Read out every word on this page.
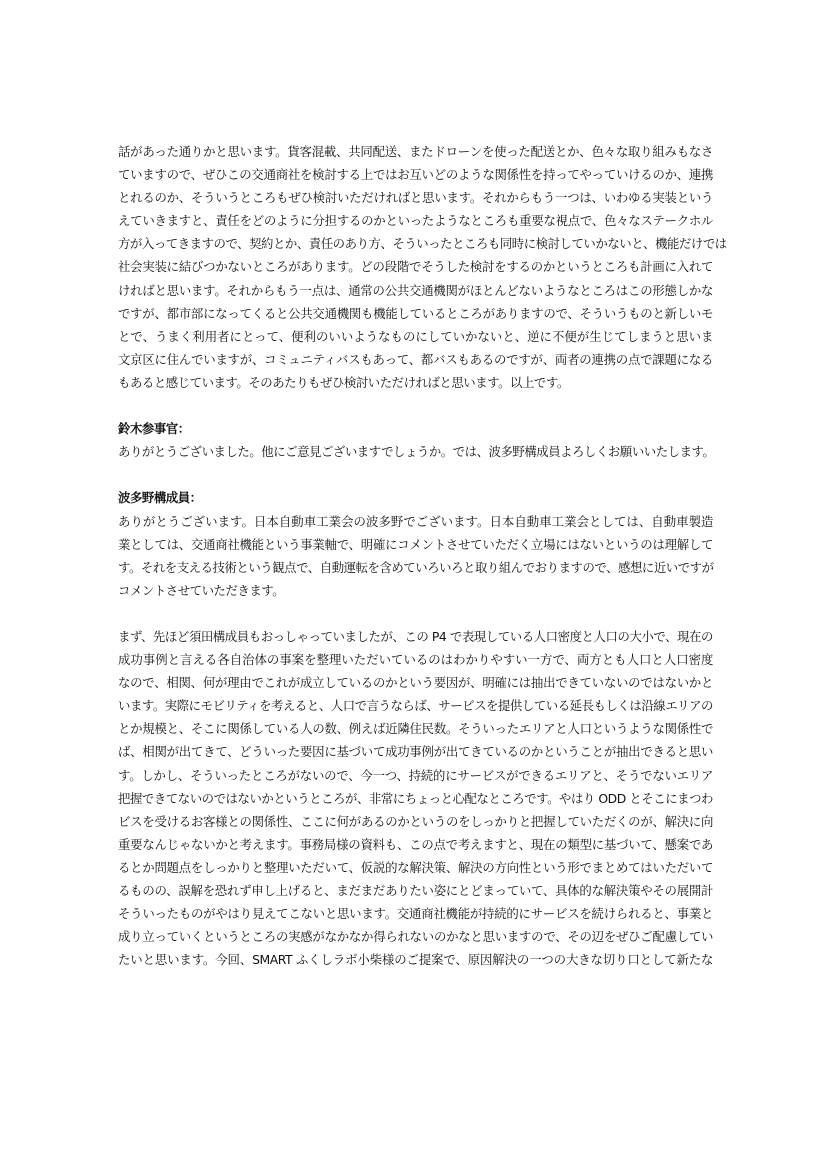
話があった通りかと思います。貨客混載、共同配送、またドローンを使った配送とか、色々な取り組みもなさ
ていますので、ぜひこの交通商社を検討する上ではお互いどのような関係性を持ってやっていけるのか、連携
とれるのか、そういうところもぜひ検討いただければと思います。それからもう一つは、いわゆる実装という
えていきますと、責任をどのように分担するのかといったようなところも重要な視点で、色々なステークホル
方が入ってきますので、契約とか、責任のあり方、そういったところも同時に検討していかないと、機能だけでは
社会実装に結びつかないところがあります。どの段階でそうした検討をするのかというところも計画に入れて
ければと思います。それからもう一点は、通常の公共交通機関がほとんどないようなところはこの形態しかな
ですが、都市部になってくると公共交通機関も機能しているところがありますので、そういうものと新しいモ
とで、うまく利用者にとって、便利のいいようなものにしていかないと、逆に不便が生じてしまうと思いま
文京区に住んでいますが、コミュニティバスもあって、都バスもあるのですが、両者の連携の点で課題になる
もあると感じています。そのあたりもぜひ検討いただければと思います。以上です。
鈴木参事官：
ありがとうございました。他にご意見ございますでしょうか。では、波多野構成員よろしくお願いいたします。
波多野構成員：
ありがとうございます。日本自動車工業会の波多野でございます。日本自動車工業会としては、自動車製造
業としては、交通商社機能という事業軸で、明確にコメントさせていただく立場にはないというのは理解して
す。それを支える技術という観点で、自動運転を含めていろいろと取り組んでおりますので、感想に近いですが
コメントさせていただきます。
まず、先ほど須田構成員もおっしゃっていましたが、この P4 で表現している人口密度と人口の大小で、現在の
成功事例と言える各自治体の事案を整理いただいているのはわかりやすい一方で、両方とも人口と人口密度
なので、相関、何が理由でこれが成立しているのかという要因が、明確には抽出できていないのではないかと
います。実際にモビリティを考えると、人口で言うならば、サービスを提供している延長もしくは沿線エリアの
とか規模と、そこに関係している人の数、例えば近隣住民数。そういったエリアと人口というような関係性で
ば、相関が出てきて、どういった要因に基づいて成功事例が出てきているのかということが抽出できると思い
す。しかし、そういったところがないので、今一つ、持続的にサービスができるエリアと、そうでないエリア
把握できてないのではないかというところが、非常にちょっと心配なところです。やはり ODD とそこにまつわ
ビスを受けるお客様との関係性、ここに何があるのかというのをしっかりと把握していただくのが、解決に向
重要なんじゃないかと考えます。事務局様の資料も、この点で考えますと、現在の類型に基づいて、懸案であ
るとか問題点をしっかりと整理いただいて、仮説的な解決策、解決の方向性という形でまとめてはいただいて
るものの、誤解を恐れず申し上げると、まだまだありたい姿にとどまっていて、具体的な解決策やその展開計
そういったものがやはり見えてこないと思います。交通商社機能が持続的にサービスを続けられると、事業と
成り立っていくというところの実感がなかなか得られないのかなと思いますので、その辺をぜひご配慮してい
たいと思います。今回、SMART ふくしラボ小柴様のご提案で、原因解決の一つの大きな切り口として新たな
